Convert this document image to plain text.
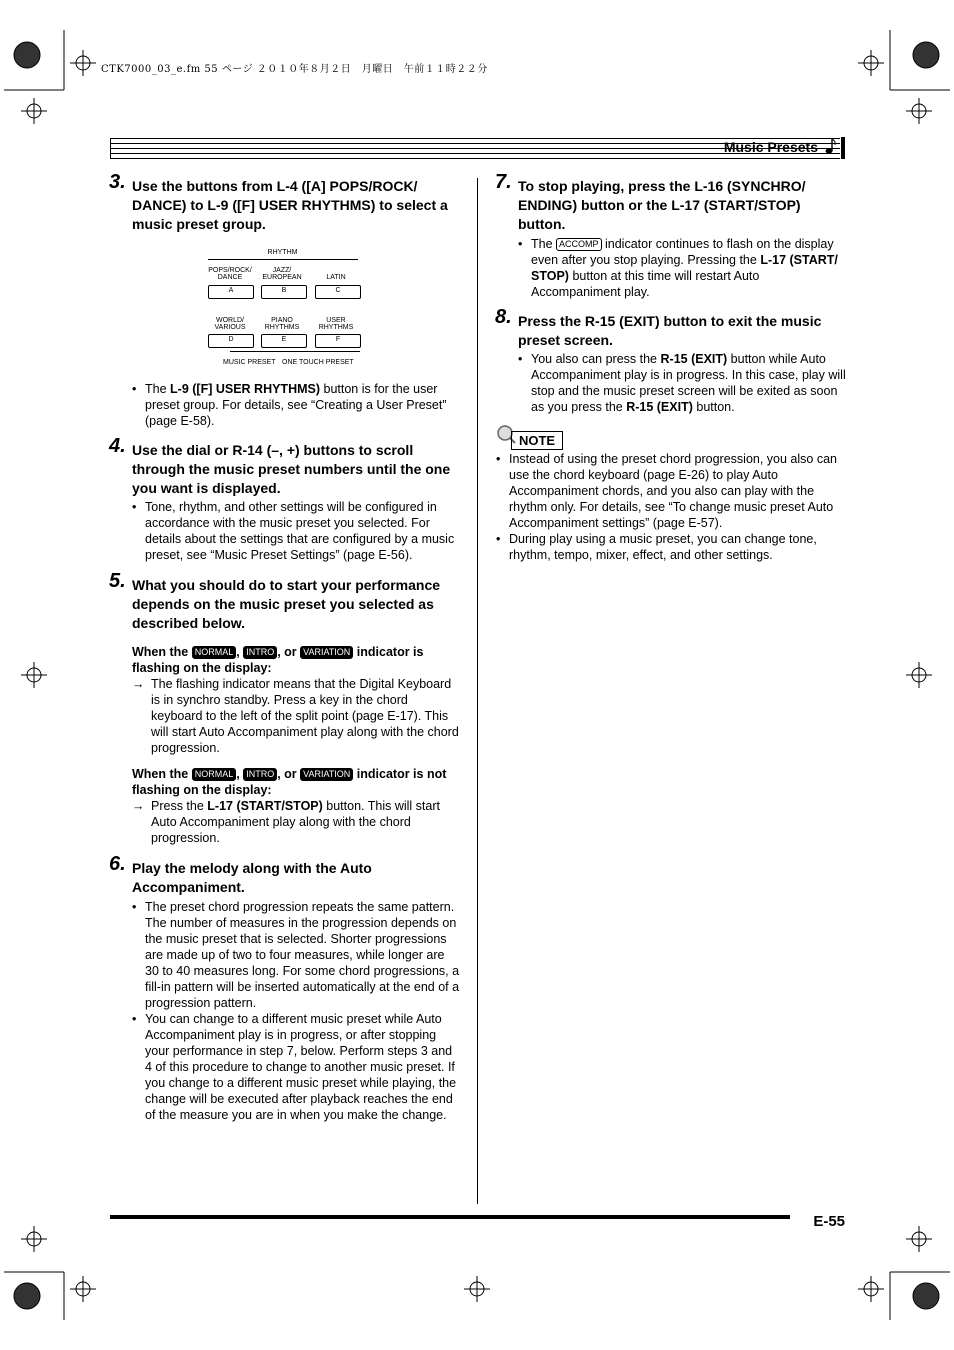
CTK7000_03_e.fm 55 ページ ２０１０年８月２日　月曜日　午前１１時２２分
Music Presets
3. Use the buttons from L-4 ([A] POPS/ROCK/ DANCE) to L-9 ([F] USER RHYTHMS) to select a music preset group.
RHYTHM
POPS/ROCK/
DANCE
JAZZ/
EUROPEAN	LATIN
A	B	C
WORLD/
VARIOUS
PIANO
RHYTHMS
USER
RHYTHMS
D	E	F
MUSIC PRESET ONE TOUCH PRESET
• The L-9 ([F] USER RHYTHMS) button is for the user preset group. For details, see “Creating a User Preset” (page E-58).
4. Use the dial or R-14 (–, +) buttons to scroll through the music preset numbers until the one you want is displayed.
• Tone, rhythm, and other settings will be configured in accordance with the music preset you selected. For details about the settings that are configured by a music preset, see “Music Preset Settings” (page E-56).
5. What you should do to start your performance depends on the music preset you selected as described below.
When the NORMAL , INTRO , or VARIATION indicator is flashing on the display:
→ The flashing indicator means that the Digital Keyboard is in synchro standby. Press a key in the chord keyboard to the left of the split point (page E-17). This will start Auto Accompaniment play along with the chord progression.
When the NORMAL , INTRO , or VARIATION indicator is not flashing on the display:
→ Press the L-17 (START/STOP) button. This will start Auto Accompaniment play along with the chord progression.
6. Play the melody along with the Auto Accompaniment.
• The preset chord progression repeats the same pattern. The number of measures in the progression depends on the music preset that is selected. Shorter progressions are made up of two to four measures, while longer are 30 to 40 measures long. For some chord progressions, a fill-in pattern will be inserted automatically at the end of a progression pattern.
• You can change to a different music preset while Auto Accompaniment play is in progress, or after stopping your performance in step 7, below. Perform steps 3 and 4 of this procedure to change to another music preset. If you change to a different music preset while playing, the change will be executed after playback reaches the end of the measure you are in when you make the change.
7. To stop playing, press the L-16 (SYNCHRO/ ENDING) button or the L-17 (START/STOP) button.
• The ACCOMP indicator continues to flash on the display even after you stop playing. Pressing the L-17 (START/ STOP) button at this time will restart Auto Accompaniment play.
8. Press the R-15 (EXIT) button to exit the music preset screen.
• You also can press the R-15 (EXIT) button while Auto Accompaniment play is in progress. In this case, play will stop and the music preset screen will be exited as soon as you press the R-15 (EXIT) button.
NOTE
• Instead of using the preset chord progression, you also can use the chord keyboard (page E-26) to play Auto Accompaniment chords, and you also can play with the rhythm only. For details, see “To change music preset Auto Accompaniment settings” (page E-57).
• During play using a music preset, you can change tone, rhythm, tempo, mixer, effect, and other settings.
E-55
